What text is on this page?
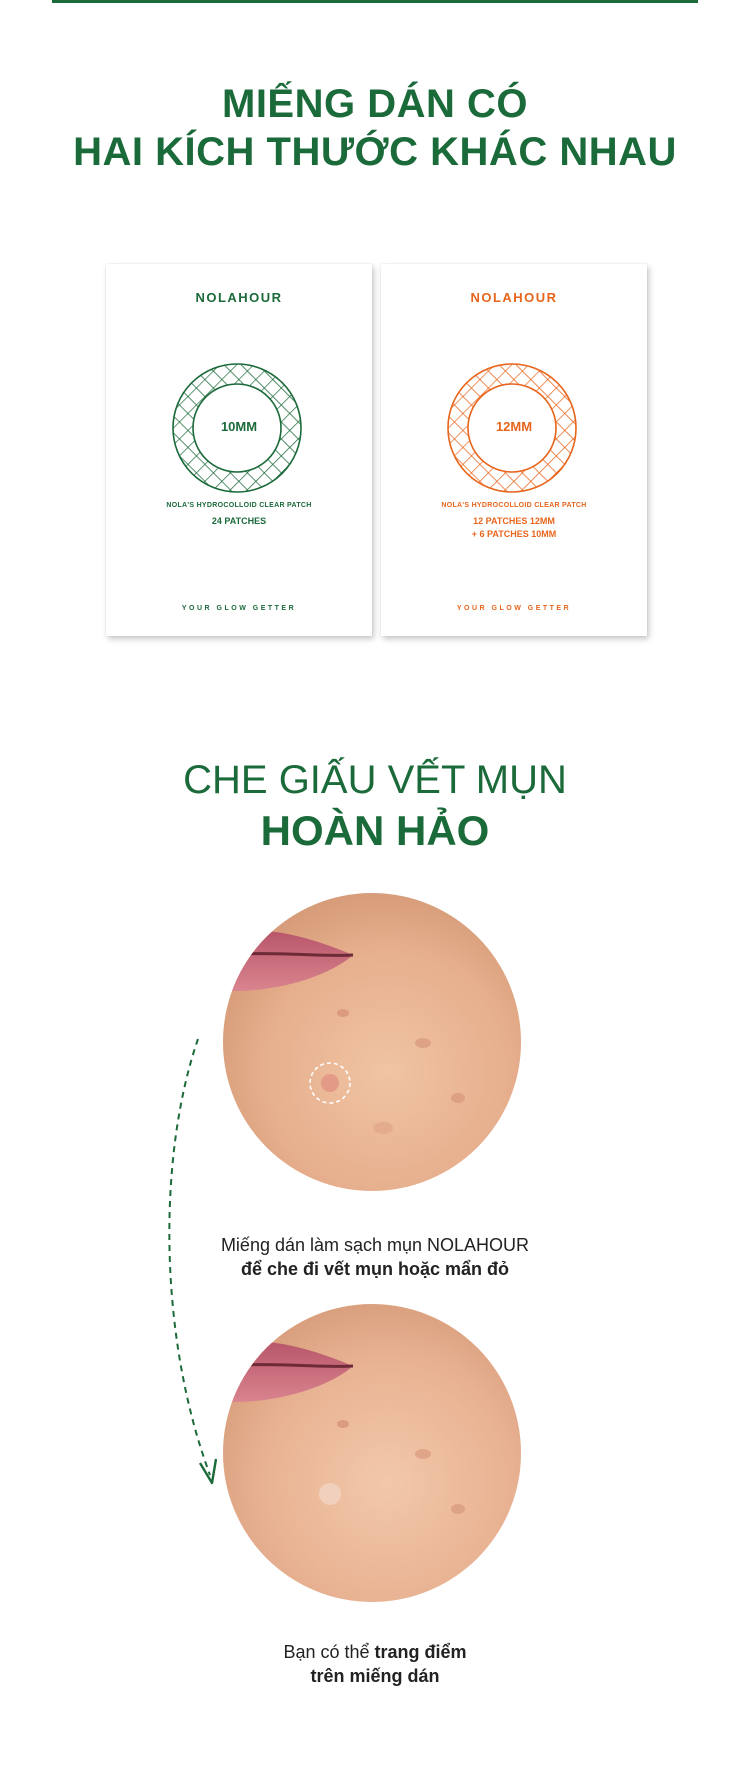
MIẾNG DÁN CÓ
HAI KÍCH THƯỚC KHÁC NHAU
NOLAHOUR
10MM
NOLA'S HYDROCOLLOID CLEAR PATCH
24 PATCHES
YOUR GLOW GETTER
NOLAHOUR
12MM
NOLA'S HYDROCOLLOID CLEAR PATCH
12 PATCHES 12MM
+ 6 PATCHES 10MM
YOUR GLOW GETTER
CHE GIẤU VẾT MỤN
HOÀN HẢO

Miếng dán làm sạch mụn NOLAHOUR
để che đi vết mụn hoặc mẩn đỏ

Bạn có thể trang điểm
trên miếng dán
